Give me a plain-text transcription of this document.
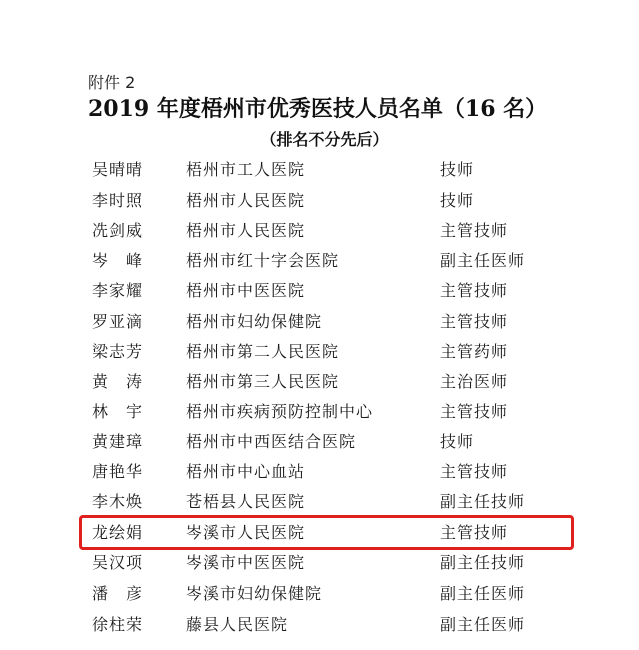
附件 2
2019 年度梧州市优秀医技人员名单（16 名）
（排名不分先后）
吴晴晴	梧州市工人医院	技师
李时照	梧州市人民医院	技师
冼剑威	梧州市人民医院	主管技师
岑　峰	梧州市红十字会医院	副主任医师
李家耀	梧州市中医医院	主管技师
罗亚滴	梧州市妇幼保健院	主管技师
梁志芳	梧州市第二人民医院	主管药师
黄　涛	梧州市第三人民医院	主治医师
林　宇	梧州市疾病预防控制中心	主管技师
黄建璋	梧州市中西医结合医院	技师
唐艳华	梧州市中心血站	主管技师
李木焕	苍梧县人民医院	副主任技师
龙绘娟	岑溪市人民医院	主管技师
吴汉项	岑溪市中医医院	副主任技师
潘　彦	岑溪市妇幼保健院	副主任医师
徐柱荣	藤县人民医院	副主任医师
